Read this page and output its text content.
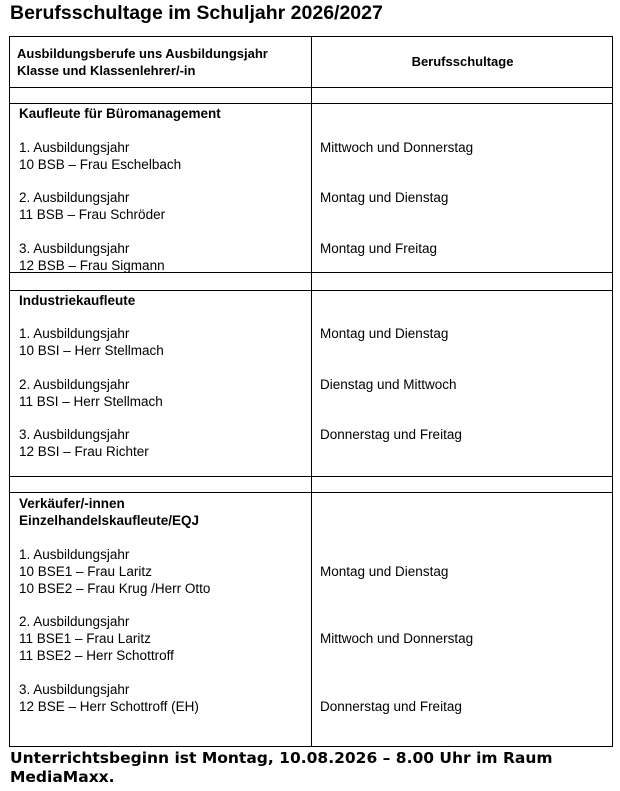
Berufsschultage im Schuljahr 2026/2027
Ausbildungsberufe uns Ausbildungsjahr
Klasse und Klassenlehrer/-in
Berufsschultage
Kaufleute für Büromanagement
1. Ausbildungsjahr
10 BSB – Frau Eschelbach
Mittwoch und Donnerstag
2. Ausbildungsjahr
11 BSB – Frau Schröder
Montag und Dienstag
3. Ausbildungsjahr
12 BSB – Frau Sigmann
Montag und Freitag
Industriekaufleute
1. Ausbildungsjahr
10 BSI – Herr Stellmach
Montag und Dienstag
2. Ausbildungsjahr
11 BSI – Herr Stellmach
Dienstag und Mittwoch
3. Ausbildungsjahr
12 BSI – Frau Richter
Donnerstag und Freitag
Verkäufer/-innen
Einzelhandelskaufleute/EQJ
1. Ausbildungsjahr
10 BSE1 – Frau Laritz
10 BSE2 – Frau Krug /Herr Otto
Montag und Dienstag
2. Ausbildungsjahr
11 BSE1 – Frau Laritz
11 BSE2 – Herr Schottroff
Mittwoch und Donnerstag
3. Ausbildungsjahr
12 BSE – Herr Schottroff (EH)	Donnerstag und Freitag
Unterrichtsbeginn ist Montag, 10.08.2026 – 8.00 Uhr im Raum
MediaMaxx.
